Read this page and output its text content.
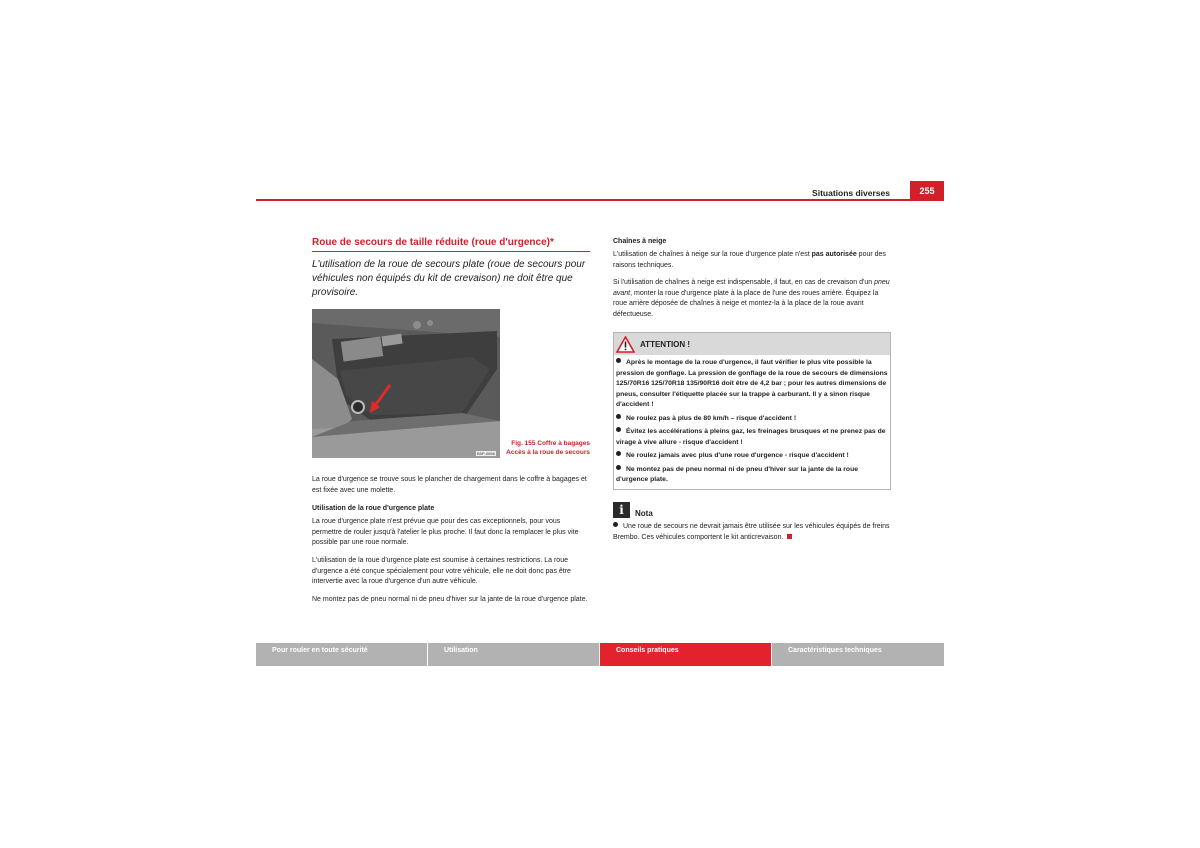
Situations diverses	255
Roue de secours de taille réduite (roue d'urgence)*
L'utilisation de la roue de secours plate (roue de secours pour véhicules non équipés du kit de crevaison) ne doit être que provisoire.
B5P-0656
Fig. 155 Coffre à bagages
Accès à la roue de secours
La roue d'urgence se trouve sous le plancher de chargement dans le coffre à bagages et est fixée avec une molette.
Utilisation de la roue d'urgence plate
La roue d'urgence plate n'est prévue que pour des cas exceptionnels, pour vous permettre de rouler jusqu'à l'atelier le plus proche. Il faut donc la remplacer le plus vite possible par une roue normale.
L'utilisation de la roue d'urgence plate est soumise à certaines restrictions. La roue d'urgence a été conçue spécialement pour votre véhicule, elle ne doit donc pas être intervertie avec la roue d'urgence d'un autre véhicule.
Ne montez pas de pneu normal ni de pneu d'hiver sur la jante de la roue d'urgence plate.
Chaînes à neige
L'utilisation de chaînes à neige sur la roue d'urgence plate n'est pas autorisée pour des raisons techniques.
Si l'utilisation de chaînes à neige est indispensable, il faut, en cas de crevaison d'un pneu avant, monter la roue d'urgence plate à la place de l'une des roues arrière. Équipez la roue arrière déposée de chaînes à neige et montez-la à la place de la roue avant défectueuse.
ATTENTION !
Après le montage de la roue d'urgence, il faut vérifier le plus vite possible la pression de gonflage. La pression de gonflage de la roue de secours de dimensions 125/70R16 125/70R18 135/90R16 doit être de 4,2 bar ; pour les autres dimensions de pneus, consulter l'étiquette placée sur la trappe à carburant. Il y a sinon risque d'accident !
Ne roulez pas à plus de 80 km/h – risque d'accident !
Évitez les accélérations à pleins gaz, les freinages brusques et ne prenez pas de virage à vive allure - risque d'accident !
Ne roulez jamais avec plus d'une roue d'urgence - risque d'accident !
Ne montez pas de pneu normal ni de pneu d'hiver sur la jante de la roue d'urgence plate.
i	Nota
Une roue de secours ne devrait jamais être utilisée sur les véhicules équipés de freins Brembo. Ces véhicules comportent le kit anticrevaison.
Pour rouler en toute sécurité	Utilisation	Conseils pratiques	Caractéristiques techniques
